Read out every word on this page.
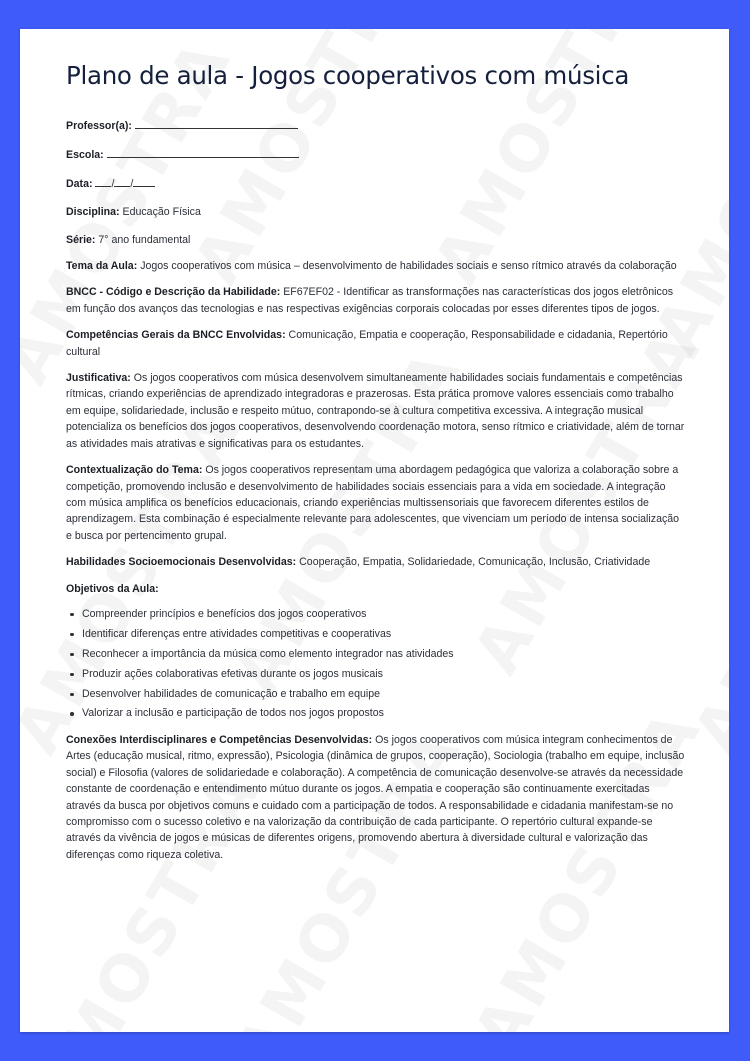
Plano de aula - Jogos cooperativos com música
Professor(a):
Escola:
Data: / /
Disciplina: Educação Física
Série: 7° ano fundamental

Tema da Aula: Jogos cooperativos com música – desenvolvimento de habilidades sociais e senso rítmico através da colaboração

BNCC - Código e Descrição da Habilidade: EF67EF02 - Identificar as transformações nas características dos jogos eletrônicos em função dos avanços das tecnologias e nas respectivas exigências corporais colocadas por esses diferentes tipos de jogos.

Competências Gerais da BNCC Envolvidas: Comunicação, Empatia e cooperação, Responsabilidade e cidadania, Repertório cultural

Justificativa: Os jogos cooperativos com música desenvolvem simultaneamente habilidades sociais fundamentais e competências rítmicas, criando experiências de aprendizado integradoras e prazerosas. Esta prática promove valores essenciais como trabalho em equipe, solidariedade, inclusão e respeito mútuo, contrapondo-se à cultura competitiva excessiva. A integração musical potencializa os benefícios dos jogos cooperativos, desenvolvendo coordenação motora, senso rítmico e criatividade, além de tornar as atividades mais atrativas e significativas para os estudantes.

Contextualização do Tema: Os jogos cooperativos representam uma abordagem pedagógica que valoriza a colaboração sobre a competição, promovendo inclusão e desenvolvimento de habilidades sociais essenciais para a vida em sociedade. A integração com música amplifica os benefícios educacionais, criando experiências multissensoriais que favorecem diferentes estilos de aprendizagem. Esta combinação é especialmente relevante para adolescentes, que vivenciam um período de intensa socialização e busca por pertencimento grupal.

Habilidades Socioemocionais Desenvolvidas: Cooperação, Empatia, Solidariedade, Comunicação, Inclusão, Criatividade

Objetivos da Aula:
Compreender princípios e benefícios dos jogos cooperativos
Identificar diferenças entre atividades competitivas e cooperativas
Reconhecer a importância da música como elemento integrador nas atividades
Produzir ações colaborativas efetivas durante os jogos musicais
Desenvolver habilidades de comunicação e trabalho em equipe
Valorizar a inclusão e participação de todos nos jogos propostos

Conexões Interdisciplinares e Competências Desenvolvidas: Os jogos cooperativos com música integram conhecimentos de Artes (educação musical, ritmo, expressão), Psicologia (dinâmica de grupos, cooperação), Sociologia (trabalho em equipe, inclusão social) e Filosofia (valores de solidariedade e colaboração). A competência de comunicação desenvolve-se através da necessidade constante de coordenação e entendimento mútuo durante os jogos. A empatia e cooperação são continuamente exercitadas através da busca por objetivos comuns e cuidado com a participação de todos. A responsabilidade e cidadania manifestam-se no compromisso com o sucesso coletivo e na valorização da contribuição de cada participante. O repertório cultural expande-se através da vivência de jogos e músicas de diferentes origens, promovendo abertura à diversidade cultural e valorização das diferenças como riqueza coletiva.
